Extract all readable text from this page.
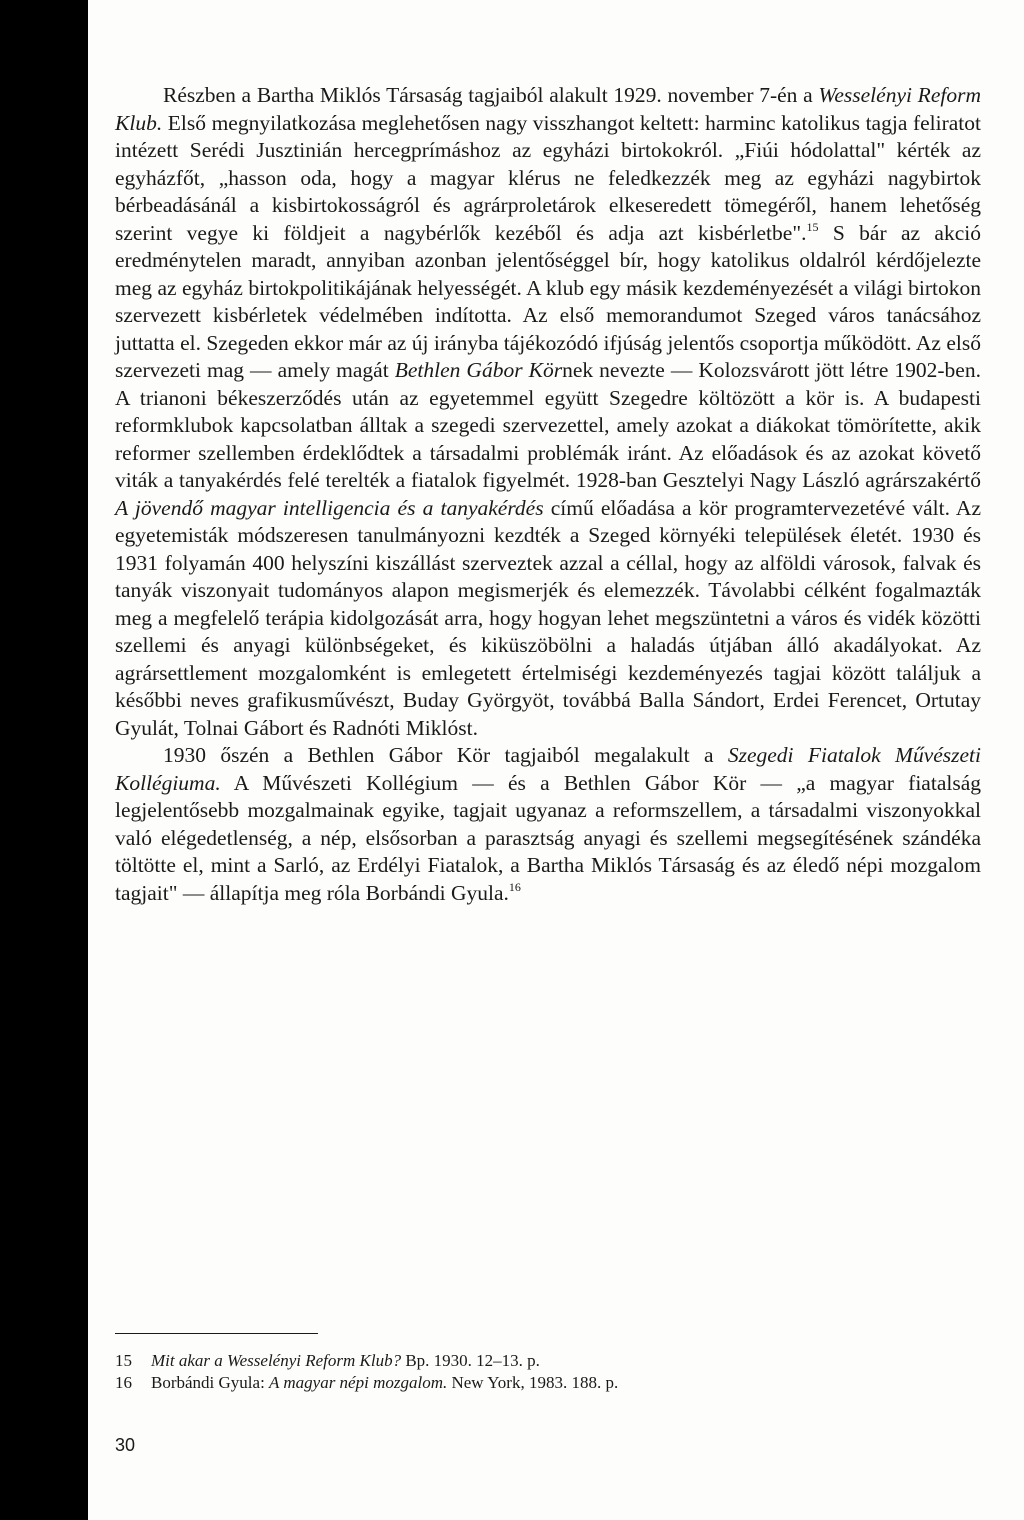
Részben a Bartha Miklós Társaság tagjaiból alakult 1929. november 7-én a Wesselényi Reform Klub. Első megnyilatkozása meglehetősen nagy visszhangot keltett: harminc katolikus tagja feliratot intézett Serédi Jusztinián hercegprímáshoz az egyházi birtokokról. „Fiúi hódolattal" kérték az egyházfőt, „hasson oda, hogy a magyar klérus ne feledkezzék meg az egyházi nagybirtok bérbeadásánál a kisbirtokosságról és agrárproletárok elkeseredett tömegéről, hanem lehetőség szerint vegye ki földjeit a nagybérlők kezéből és adja azt kisbérletbe".$^{15}$ S bár az akció eredménytelen maradt, annyiban azonban jelentőséggel bír, hogy katolikus oldalról kérdőjelezte meg az egyház birtokpolitikájának helyességét. A klub egy másik kezdeményezését a világi birtokon szervezett kisbérletek védelmében indította. Az első memorandumot Szeged város tanácsához juttatta el. Szegeden ekkor már az új irányba tájékozódó ifjúság jelentős csoportja működött. Az első szervezeti mag — amely magát Bethlen Gábor Körnek nevezte — Kolozsvárott jött létre 1902-ben. A trianoni békeszerződés után az egyetemmel együtt Szegedre költözött a kör is. A budapesti reformklubok kapcsolatban álltak a szegedi szervezettel, amely azokat a diákokat tömörítette, akik reformer szellemben érdeklődtek a társadalmi problémák iránt. Az előadások és az azokat követő viták a tanyakérdés felé terelték a fiatalok figyelmét. 1928-ban Gesztelyi Nagy László agrárszakértő A jövendő magyar intelligencia és a tanyakérdés című előadása a kör programtervezetévé vált. Az egyetemisták módszeresen tanulmányozni kezdték a Szeged környéki települések életét. 1930 és 1931 folyamán 400 helyszíni kiszállást szerveztek azzal a céllal, hogy az alföldi városok, falvak és tanyák viszonyait tudományos alapon megismerjék és elemezzék. Távolabbi célként fogalmazták meg a megfelelő terápia kidolgozását arra, hogy hogyan lehet megszüntetni a város és vidék közötti szellemi és anyagi különbségeket, és kiküszöbölni a haladás útjában álló akadályokat. Az agrársettlement mozgalomként is emlegetett értelmiségi kezdeményezés tagjai között találjuk a későbbi neves grafikusművészt, Buday Györgyöt, továbbá Balla Sándort, Erdei Ferencet, Ortutay Gyulát, Tolnai Gábort és Radnóti Miklóst.

1930 őszén a Bethlen Gábor Kör tagjaiból megalakult a Szegedi Fiatalok Művészeti Kollégiuma. A Művészeti Kollégium — és a Bethlen Gábor Kör — „a magyar fiatalság legjelentősebb mozgalmainak egyike, tagjait ugyanaz a reformszellem, a társadalmi viszonyokkal való elégedetlenség, a nép, elsősorban a parasztság anyagi és szellemi megsegítésének szándéka töltötte el, mint a Sarló, az Erdélyi Fiatalok, a Bartha Miklós Társaság és az éledő népi mozgalom tagjait" — állapítja meg róla Borbándi Gyula.$^{16}$

15	Mit akar a Wesselényi Reform Klub? Bp. 1930. 12–13. p.
16	Borbándi Gyula: A magyar népi mozgalom. New York, 1983. 188. p.
30
